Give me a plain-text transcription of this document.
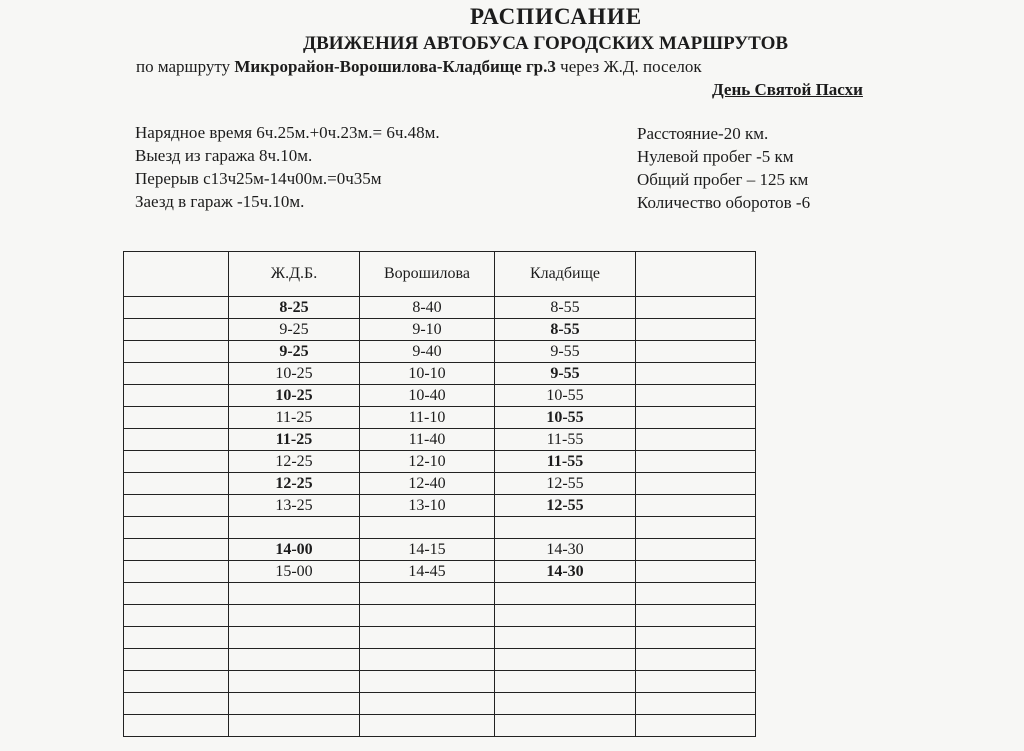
РАСПИСАНИЕ
ДВИЖЕНИЯ АВТОБУСА ГОРОДСКИХ МАРШРУТОВ
по маршруту Микрорайон-Ворошилова-Кладбище гр.3 через Ж.Д. поселок
День Святой Пасхи
Нарядное время 6ч.25м.+0ч.23м.= 6ч.48м.
Выезд из гаража 8ч.10м.
Перерыв с13ч25м-14ч00м.=0ч35м
Заезд в гараж -15ч.10м.
Расстояние-20 км.
Нулевой пробег -5 км
Общий пробег – 125 км
Количество оборотов -6
	Ж.Д.Б.	Ворошилова	Кладбище	
	8-25	8-40	8-55	
	9-25	9-10	8-55	
	9-25	9-40	9-55	
	10-25	10-10	9-55	
	10-25	10-40	10-55	
	11-25	11-10	10-55	
	11-25	11-40	11-55	
	12-25	12-10	11-55	
	12-25	12-40	12-55	
	13-25	13-10	12-55	

	14-00	14-15	14-30	
	15-00	14-45	14-30	
